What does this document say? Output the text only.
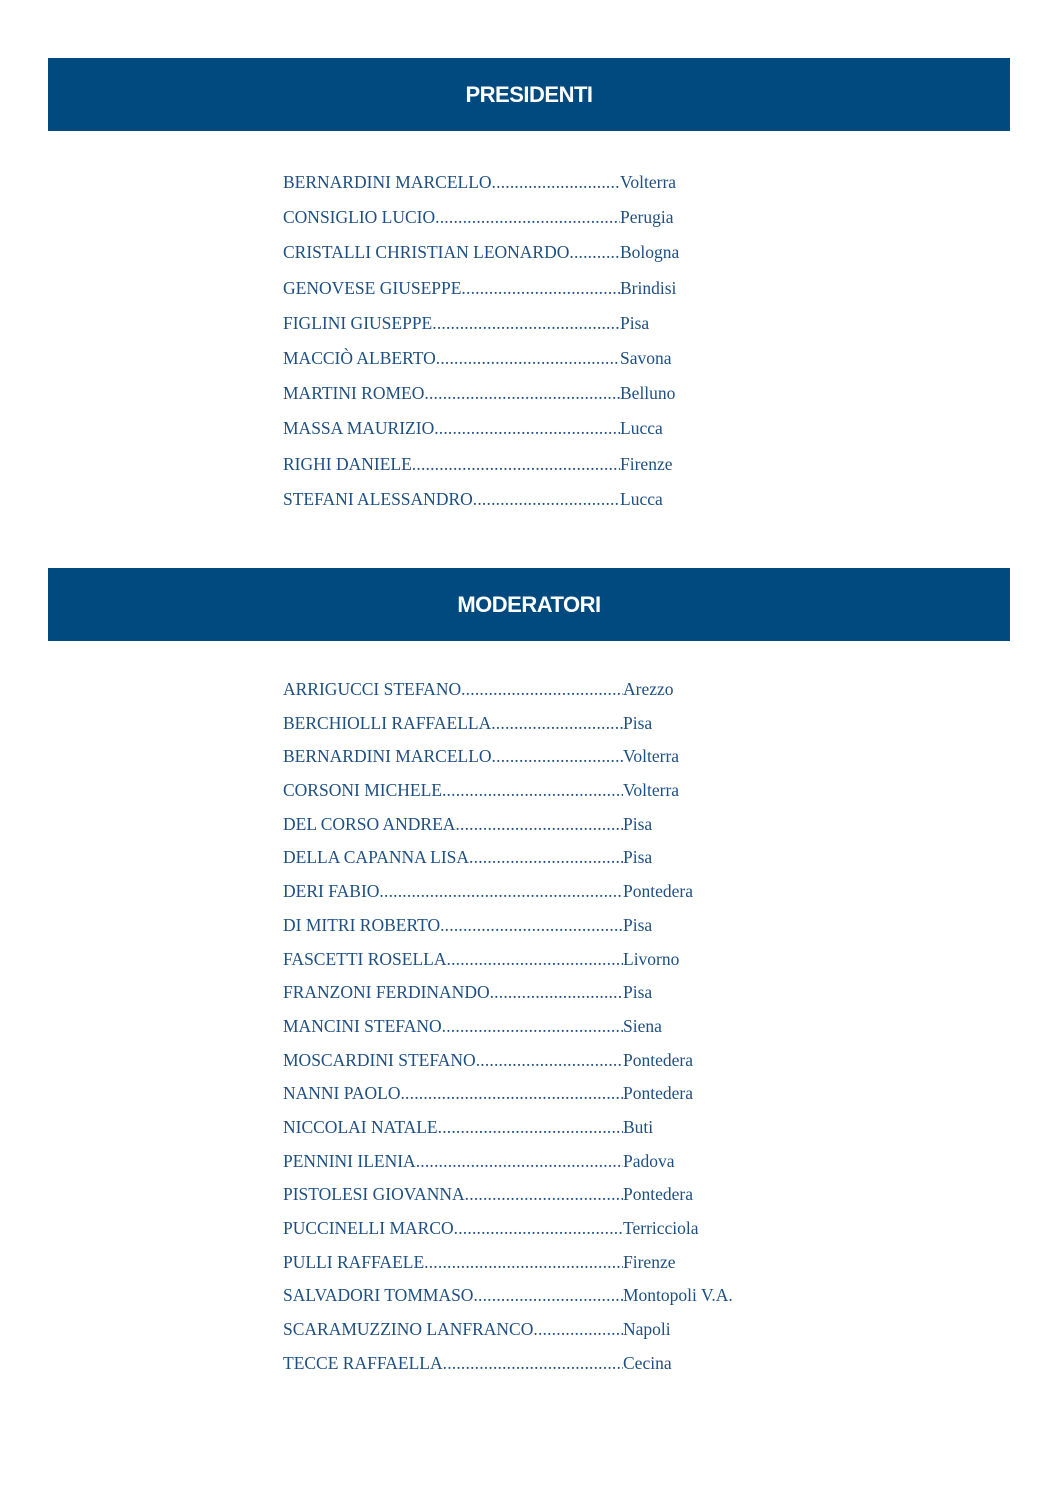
PRESIDENTI
BERNARDINI MARCELLO .....	Volterra
CONSIGLIO LUCIO .....	Perugia
CRISTALLI CHRISTIAN LEONARDO .....	Bologna
GENOVESE GIUSEPPE .....	Brindisi
FIGLINI GIUSEPPE .....	Pisa
MACCIÒ ALBERTO .....	Savona
MARTINI ROMEO .....	Belluno
MASSA MAURIZIO .....	Lucca
RIGHI DANIELE .....	Firenze
STEFANI ALESSANDRO .....	Lucca
MODERATORI
ARRIGUCCI STEFANO .....	Arezzo
BERCHIOLLI RAFFAELLA .....	Pisa
BERNARDINI MARCELLO .....	Volterra
CORSONI MICHELE .....	Volterra
DEL CORSO ANDREA .....	Pisa
DELLA CAPANNA LISA .....	Pisa
DERI FABIO .....	Pontedera
DI MITRI ROBERTO .....	Pisa
FASCETTI ROSELLA .....	Livorno
FRANZONI FERDINANDO .....	Pisa
MANCINI STEFANO .....	Siena
MOSCARDINI STEFANO .....	Pontedera
NANNI PAOLO .....	Pontedera
NICCOLAI NATALE .....	Buti
PENNINI ILENIA .....	Padova
PISTOLESI GIOVANNA .....	Pontedera
PUCCINELLI MARCO .....	Terricciola
PULLI RAFFAELE .....	Firenze
SALVADORI TOMMASO .....	Montopoli V.A.
SCARAMUZZINO LANFRANCO .....	Napoli
TECCE RAFFAELLA .....	Cecina
